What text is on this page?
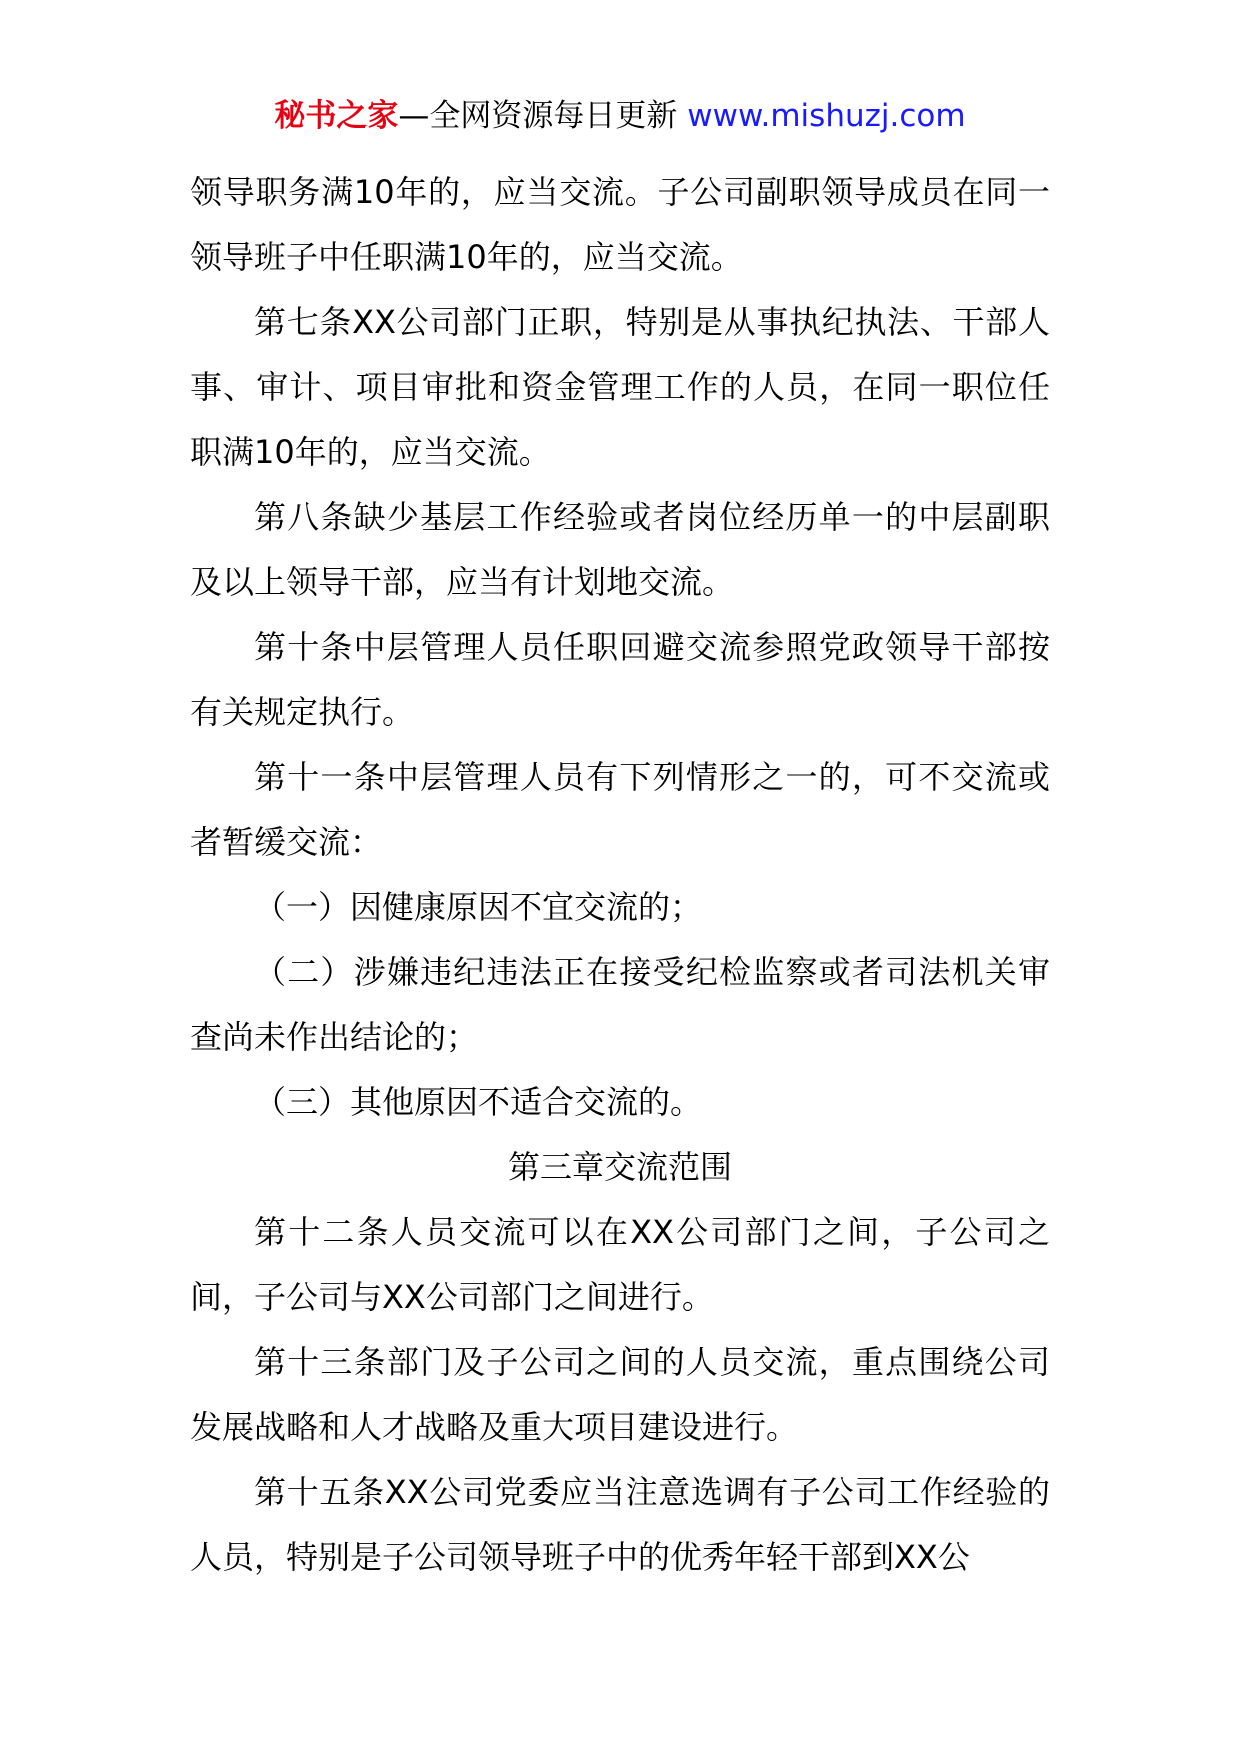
秘书之家—全网资源每日更新 www.mishuzj.com

领导职务满10年的，应当交流。子公司副职领导成员在同一领导班子中任职满10年的，应当交流。

第七条XX公司部门正职，特别是从事执纪执法、干部人事、审计、项目审批和资金管理工作的人员，在同一职位任职满10年的，应当交流。

第八条缺少基层工作经验或者岗位经历单一的中层副职及以上领导干部，应当有计划地交流。

第十条中层管理人员任职回避交流参照党政领导干部按有关规定执行。

第十一条中层管理人员有下列情形之一的，可不交流或者暂缓交流：

（一）因健康原因不宜交流的；

（二）涉嫌违纪违法正在接受纪检监察或者司法机关审查尚未作出结论的；

（三）其他原因不适合交流的。

第三章交流范围

第十二条人员交流可以在XX公司部门之间，子公司之间，子公司与XX公司部门之间进行。

第十三条部门及子公司之间的人员交流，重点围绕公司发展战略和人才战略及重大项目建设进行。

第十五条XX公司党委应当注意选调有子公司工作经验的人员，特别是子公司领导班子中的优秀年轻干部到XX公
